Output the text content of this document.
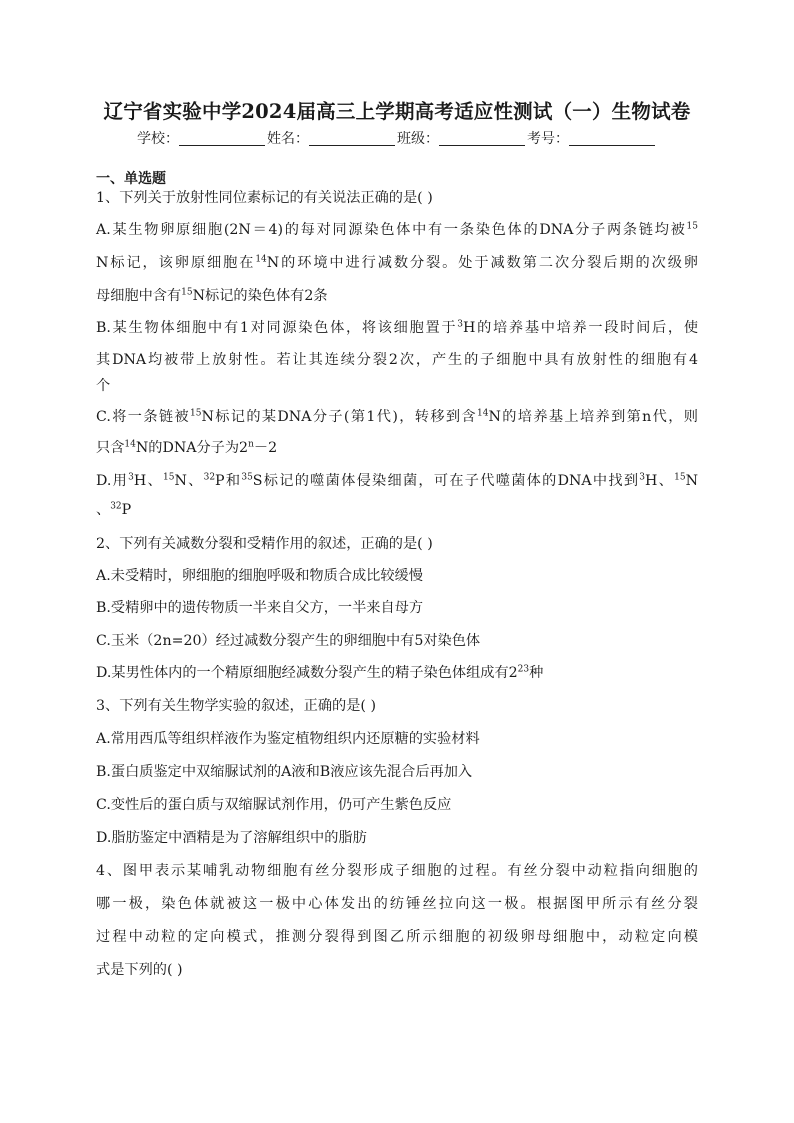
辽宁省实验中学2024届高三上学期高考适应性测试（一）生物试卷
学校：	姓名：	班级：	考号：
一、单选题
1、下列关于放射性同位素标记的有关说法正确的是( )
A.某生物卵原细胞(2N＝4)的每对同源染色体中有一条染色体的DNA分子两条链均被$^{15}$
N标记，该卵原细胞在$^{14}$N的环境中进行减数分裂。处于减数第二次分裂后期的次级卵
母细胞中含有$^{15}$N标记的染色体有2条
B.某生物体细胞中有1对同源染色体，将该细胞置于$^3$H的培养基中培养一段时间后，使
其DNA均被带上放射性。若让其连续分裂2次，产生的子细胞中具有放射性的细胞有4
个
C.将一条链被$^{15}$N标记的某DNA分子(第1代)，转移到含$^{14}$N的培养基上培养到第n代，则
只含$^{14}$N的DNA分子为$2^n-2$
D.用$^3$H、$^{15}$N、$^{32}$P和$^{35}$S标记的噬菌体侵染细菌，可在子代噬菌体的DNA中找到$^3$H、$^{15}$N
、$^{32}$P
2、下列有关减数分裂和受精作用的叙述，正确的是( )
A.未受精时，卵细胞的细胞呼吸和物质合成比较缓慢
B.受精卵中的遗传物质一半来自父方，一半来自母方
C.玉米（2n=20）经过减数分裂产生的卵细胞中有5对染色体
D.某男性体内的一个精原细胞经减数分裂产生的精子染色体组成有$2^{23}$种
3、下列有关生物学实验的叙述，正确的是( )
A.常用西瓜等组织样液作为鉴定植物组织内还原糖的实验材料
B.蛋白质鉴定中双缩脲试剂的A液和B液应该先混合后再加入
C.变性后的蛋白质与双缩脲试剂作用，仍可产生紫色反应
D.脂肪鉴定中酒精是为了溶解组织中的脂肪
4、图甲表示某哺乳动物细胞有丝分裂形成子细胞的过程。有丝分裂中动粒指向细胞的
哪一极，染色体就被这一极中心体发出的纺锤丝拉向这一极。根据图甲所示有丝分裂
过程中动粒的定向模式，推测分裂得到图乙所示细胞的初级卵母细胞中，动粒定向模
式是下列的( )
